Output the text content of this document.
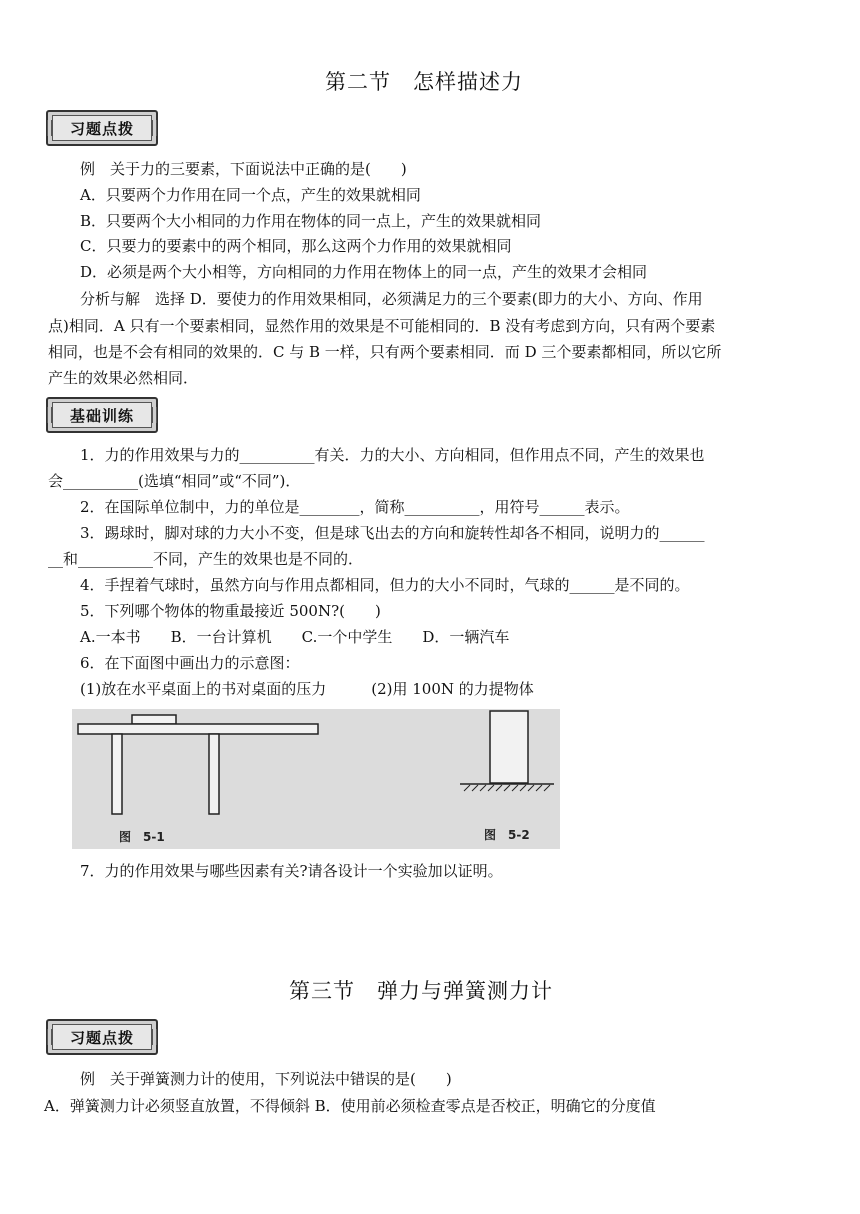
第二节　怎样描述力
习题点拨
例　关于力的三要素，下面说法中正确的是(　　)
A．只要两个力作用在同一个点，产生的效果就相同
B．只要两个大小相同的力作用在物体的同一点上，产生的效果就相同
C．只要力的要素中的两个相同，那么这两个力作用的效果就相同
D．必须是两个大小相等，方向相同的力作用在物体上的同一点，产生的效果才会相同
分析与解　选择 D．要使力的作用效果相同，必须满足力的三个要素(即力的大小、方向、作用
点)相同．A 只有一个要素相同，显然作用的效果是不可能相同的．B 没有考虑到方向，只有两个要素
相同，也是不会有相同的效果的．C 与 B 一样，只有两个要素相同．而 D 三个要素都相同，所以它所
产生的效果必然相同．
基础训练
1．力的作用效果与力的__________有关．力的大小、方向相同，但作用点不同，产生的效果也
会__________(选填“相同”或“不同”)．
2．在国际单位制中，力的单位是________，简称__________，用符号______表示。
3．踢球时，脚对球的力大小不变，但是球飞出去的方向和旋转性却各不相同，说明力的______
__和__________不同，产生的效果也是不同的．
4．手捏着气球时，虽然方向与作用点都相同，但力的大小不同时，气球的______是不同的。
5．下列哪个物体的物重最接近 500N?(　　)
A.一本书　　B．一台计算机　　C.一个中学生　　D．一辆汽车
6．在下面图中画出力的示意图：
(1)放在水平桌面上的书对桌面的压力　　　(2)用 100N 的力提物体
图　5-1	图　5-2
7．力的作用效果与哪些因素有关?请各设计一个实验加以证明。
第三节　弹力与弹簧测力计
习题点拨
例　关于弹簧测力计的使用，下列说法中错误的是(　　)
A．弹簧测力计必须竖直放置，不得倾斜 B．使用前必须检查零点是否校正，明确它的分度值
